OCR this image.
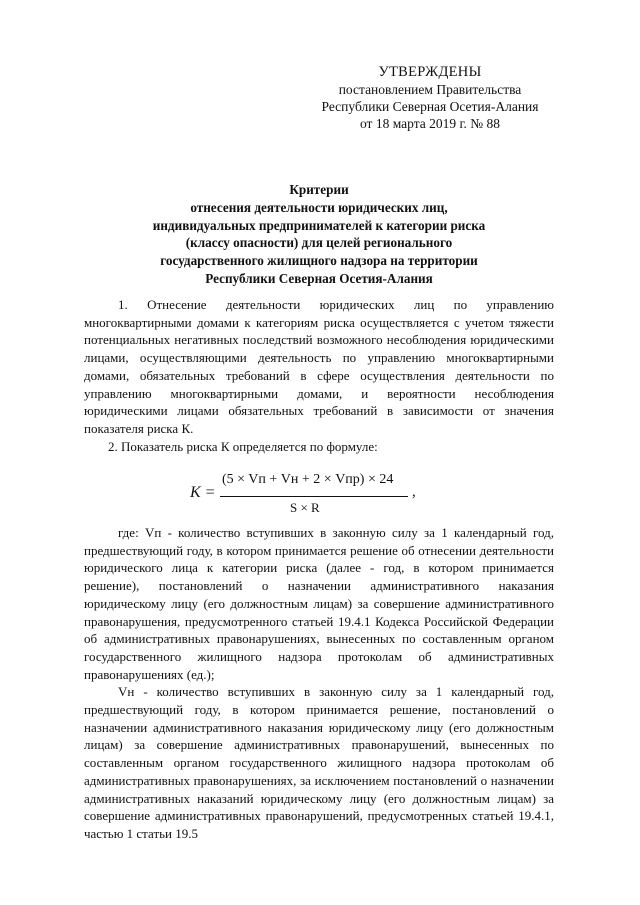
УТВЕРЖДЕНЫ
постановлением Правительства
Республики Северная Осетия-Алания
от 18 марта 2019 г. № 88
Критерии
отнесения деятельности юридических лиц,
индивидуальных предпринимателей к категории риска
(классу опасности) для целей регионального
государственного жилищного надзора на территории
Республики Северная Осетия-Алания

1. Отнесение деятельности юридических лиц по управлению многоквартирными домами к категориям риска осуществляется с учетом тяжести потенциальных негативных последствий возможного несоблюдения юридическими лицами, осуществляющими деятельность по управлению многоквартирными домами, обязательных требований в сфере осуществления деятельности по управлению многоквартирными домами, и вероятности несоблюдения юридическими лицами обязательных требований в зависимости от значения показателя риска К.

2. Показатель риска К определяется по формуле:

K =
(5 × Vп + Vн + 2 × Vпр) × 24
S × R
,

где: Vп - количество вступивших в законную силу за 1 календарный год, предшествующий году, в котором принимается решение об отнесении деятельности юридического лица к категории риска (далее - год, в котором принимается решение), постановлений о назначении административного наказания юридическому лицу (его должностным лицам) за совершение административного правонарушения, предусмотренного статьей 19.4.1 Кодекса Российской Федерации об административных правонарушениях, вынесенных по составленным органом государственного жилищного надзора протоколам об административных правонарушениях (ед.);

Vн - количество вступивших в законную силу за 1 календарный год, предшествующий году, в котором принимается решение, постановлений о назначении административного наказания юридическому лицу (его должностным лицам) за совершение административных правонарушений, вынесенных по составленным органом государственного жилищного надзора протоколам об административных правонарушениях, за исключением постановлений о назначении административных наказаний юридическому лицу (его должностным лицам) за совершение административных правонарушений, предусмотренных статьей 19.4.1, частью 1 статьи 19.5
